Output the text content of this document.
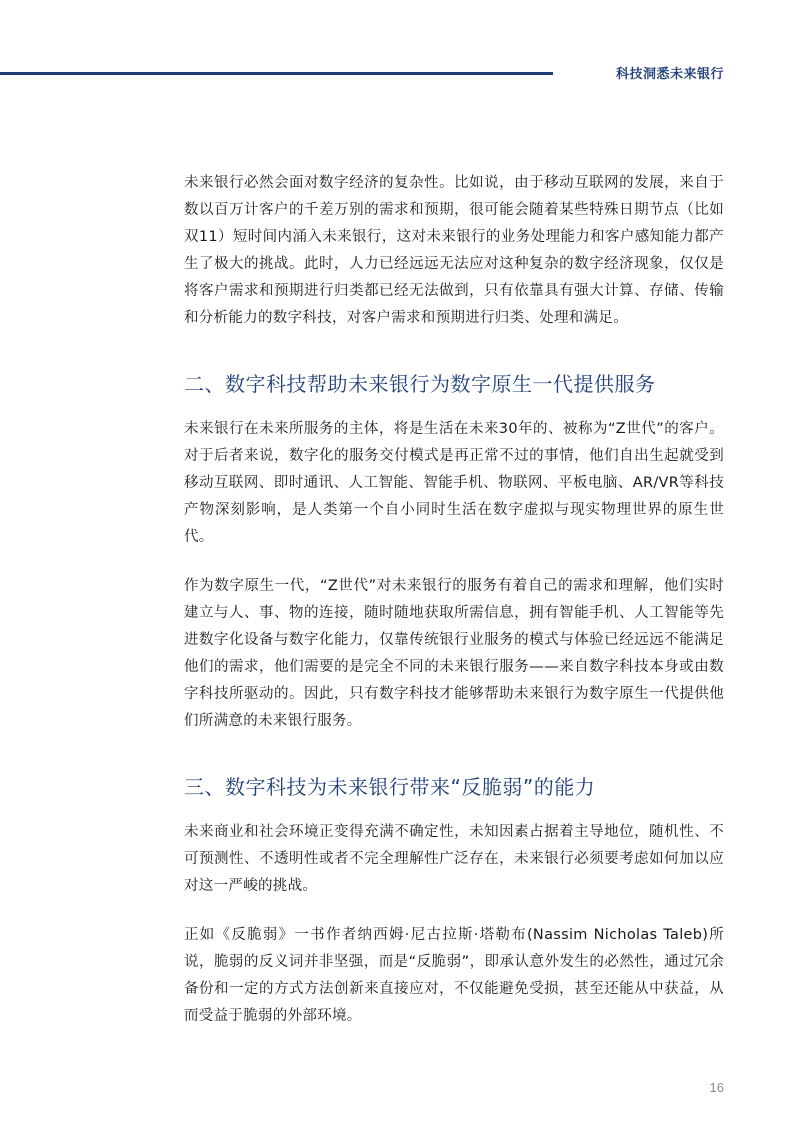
科技洞悉未来银行

未来银行必然会面对数字经济的复杂性。比如说，由于移动互联网的发展，来自于数以百万计客户的千差万别的需求和预期，很可能会随着某些特殊日期节点（比如双11）短时间内涌入未来银行，这对未来银行的业务处理能力和客户感知能力都产生了极大的挑战。此时，人力已经远远无法应对这种复杂的数字经济现象，仅仅是将客户需求和预期进行归类都已经无法做到，只有依靠具有强大计算、存储、传输和分析能力的数字科技，对客户需求和预期进行归类、处理和满足。

二、数字科技帮助未来银行为数字原生一代提供服务

未来银行在未来所服务的主体，将是生活在未来30年的、被称为“Z世代”的客户。对于后者来说，数字化的服务交付模式是再正常不过的事情，他们自出生起就受到移动互联网、即时通讯、人工智能、智能手机、物联网、平板电脑、AR/VR等科技产物深刻影响，是人类第一个自小同时生活在数字虚拟与现实物理世界的原生世代。

作为数字原生一代，“Z世代”对未来银行的服务有着自己的需求和理解，他们实时建立与人、事、物的连接，随时随地获取所需信息，拥有智能手机、人工智能等先进数字化设备与数字化能力，仅靠传统银行业服务的模式与体验已经远远不能满足他们的需求，他们需要的是完全不同的未来银行服务——来自数字科技本身或由数字科技所驱动的。因此，只有数字科技才能够帮助未来银行为数字原生一代提供他们所满意的未来银行服务。

三、数字科技为未来银行带来“反脆弱”的能力

未来商业和社会环境正变得充满不确定性，未知因素占据着主导地位，随机性、不可预测性、不透明性或者不完全理解性广泛存在，未来银行必须要考虑如何加以应对这一严峻的挑战。

正如《反脆弱》一书作者纳西姆·尼古拉斯·塔勒布(Nassim Nicholas Taleb)所说，脆弱的反义词并非坚强，而是“反脆弱”，即承认意外发生的必然性，通过冗余备份和一定的方式方法创新来直接应对，不仅能避免受损，甚至还能从中获益，从而受益于脆弱的外部环境。

16
